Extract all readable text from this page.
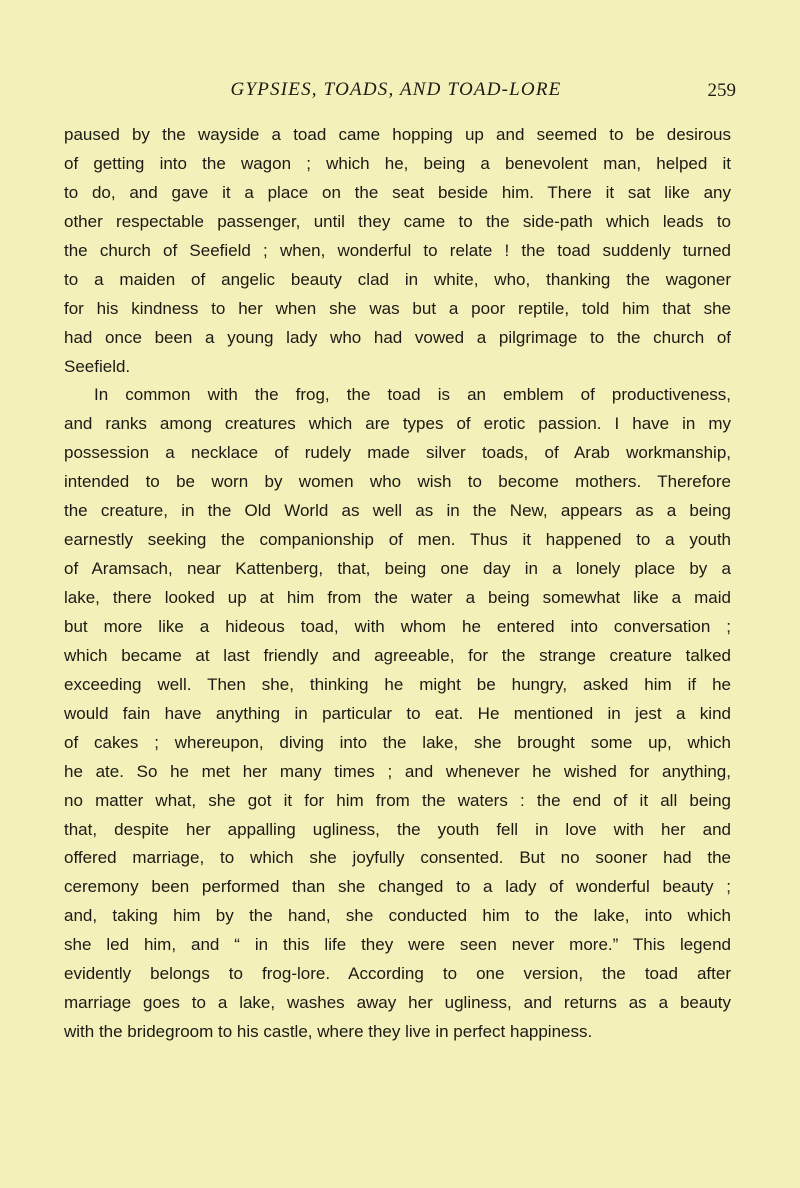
GYPSIES, TOADS, AND TOAD-LORE	259
paused by the wayside a toad came hopping up and seemed to be desirous
of getting into the wagon ; which he, being a benevolent man, helped it
to do, and gave it a place on the seat beside him. There it sat like any
other respectable passenger, until they came to the side-path which leads to
the church of Seefield ; when, wonderful to relate ! the toad suddenly turned
to a maiden of angelic beauty clad in white, who, thanking the wagoner
for his kindness to her when she was but a poor reptile, told him that she
had once been a young lady who had vowed a pilgrimage to the church of
Seefield.
In common with the frog, the toad is an emblem of productiveness,
and ranks among creatures which are types of erotic passion. I have in my
possession a necklace of rudely made silver toads, of Arab workmanship,
intended to be worn by women who wish to become mothers. Therefore
the creature, in the Old World as well as in the New, appears as a being
earnestly seeking the companionship of men. Thus it happened to a youth
of Aramsach, near Kattenberg, that, being one day in a lonely place by a
lake, there looked up at him from the water a being somewhat like a maid
but more like a hideous toad, with whom he entered into conversation ;
which became at last friendly and agreeable, for the strange creature talked
exceeding well. Then she, thinking he might be hungry, asked him if he
would fain have anything in particular to eat. He mentioned in jest a kind
of cakes ; whereupon, diving into the lake, she brought some up, which
he ate. So he met her many times ; and whenever he wished for anything,
no matter what, she got it for him from the waters : the end of it all being
that, despite her appalling ugliness, the youth fell in love with her and
offered marriage, to which she joyfully consented. But no sooner had the
ceremony been performed than she changed to a lady of wonderful beauty ;
and, taking him by the hand, she conducted him to the lake, into which
she led him, and “ in this life they were seen never more.” This legend
evidently belongs to frog-lore. According to one version, the toad after
marriage goes to a lake, washes away her ugliness, and returns as a beauty
with the bridegroom to his castle, where they live in perfect happiness.
